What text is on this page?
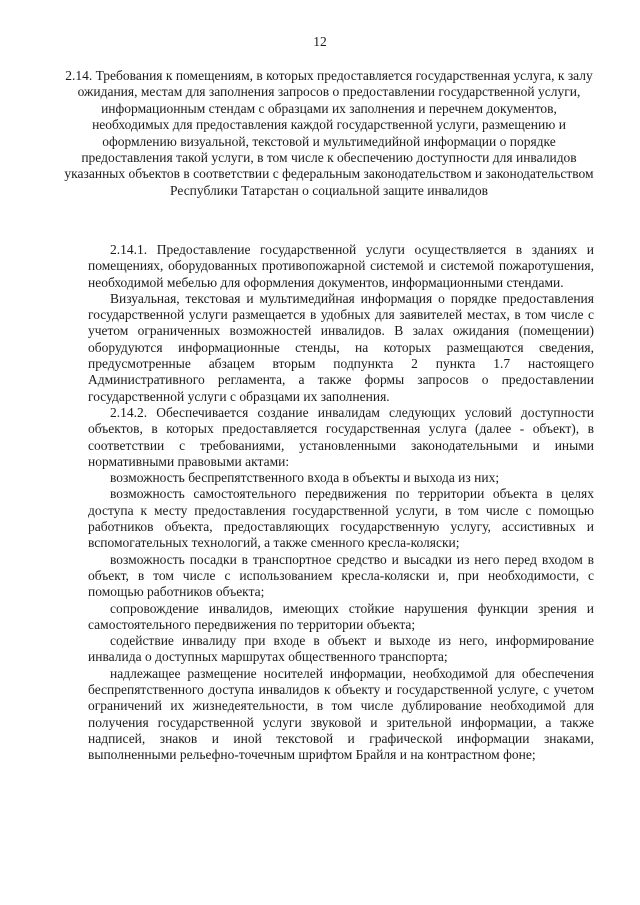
12
2.14. Требования к помещениям, в которых предоставляется государственная услуга, к залу ожидания, местам для заполнения запросов о предоставлении государственной услуги, информационным стендам с образцами их заполнения и перечнем документов, необходимых для предоставления каждой государственной услуги, размещению и оформлению визуальной, текстовой и мультимедийной информации о порядке предоставления такой услуги, в том числе к обеспечению доступности для инвалидов указанных объектов в соответствии с федеральным законодательством и законодательством Республики Татарстан о социальной защите инвалидов

2.14.1. Предоставление государственной услуги осуществляется в зданиях и помещениях, оборудованных противопожарной системой и системой пожаротушения, необходимой мебелью для оформления документов, информационными стендами.

Визуальная, текстовая и мультимедийная информация о порядке предоставления государственной услуги размещается в удобных для заявителей местах, в том числе с учетом ограниченных возможностей инвалидов. В залах ожидания (помещении) оборудуются информационные стенды, на которых размещаются сведения, предусмотренные абзацем вторым подпункта 2 пункта 1.7 настоящего Административного регламента, а также формы запросов о предоставлении государственной услуги с образцами их заполнения.

2.14.2. Обеспечивается создание инвалидам следующих условий доступности объектов, в которых предоставляется государственная услуга (далее - объект), в соответствии с требованиями, установленными законодательными и иными нормативными правовыми актами:

возможность беспрепятственного входа в объекты и выхода из них;

возможность самостоятельного передвижения по территории объекта в целях доступа к месту предоставления государственной услуги, в том числе с помощью работников объекта, предоставляющих государственную услугу, ассистивных и вспомогательных технологий, а также сменного кресла-коляски;

возможность посадки в транспортное средство и высадки из него перед входом в объект, в том числе с использованием кресла-коляски и, при необходимости, с помощью работников объекта;

сопровождение инвалидов, имеющих стойкие нарушения функции зрения и самостоятельного передвижения по территории объекта;

содействие инвалиду при входе в объект и выходе из него, информирование инвалида о доступных маршрутах общественного транспорта;

надлежащее размещение носителей информации, необходимой для обеспечения беспрепятственного доступа инвалидов к объекту и государственной услуге, с учетом ограничений их жизнедеятельности, в том числе дублирование необходимой для получения государственной услуги звуковой и зрительной информации, а также надписей, знаков и иной текстовой и графической информации знаками, выполненными рельефно-точечным шрифтом Брайля и на контрастном фоне;
